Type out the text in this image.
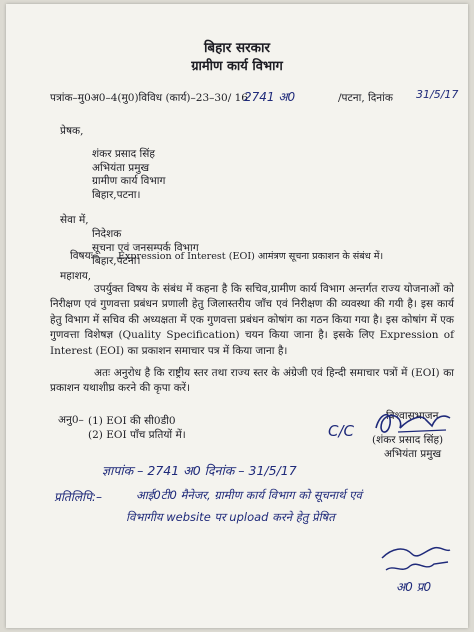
बिहार सरकार
ग्रामीण कार्य विभाग
पत्रांक–मु0अ0–4(मु0)विविध (कार्य)–23–30/ 16
2741 अ0	/पटना, दिनांक 31/5/17
प्रेषक,
शंकर प्रसाद सिंह
अभियंता प्रमुख
ग्रामीण कार्य विभाग
बिहार,पटना।
सेवा में,
निदेशक
सूचना एवं जनसम्पर्क विभाग
बिहार,पटना।
विषयः– Expression of Interest (EOI) आमंत्रण सूचना प्रकाशन के संबंध में।
महाशय,
उपर्युक्त विषय के संबंध में कहना है कि सचिव,ग्रामीण कार्य विभाग अन्तर्गत राज्य योजनाओं को निरीक्षण एवं गुणवत्ता प्रबंधन प्रणाली हेतु जिलास्तरीय जाँच एवं निरीक्षण की व्यवस्था की गयी है। इस कार्य हेतु विभाग में सचिव की अध्यक्षता में एक गुणवत्ता प्रबंधन कोषांग का गठन किया गया है। इस कोषांग में एक गुणवत्ता विशेषज्ञ (Quality Specification) चयन किया जाना है। इसके लिए Expression of Interest (EOI) का प्रकाशन समाचार पत्र में किया जाना है।
अतः अनुरोध है कि राष्ट्रीय स्तर तथा राज्य स्तर के अंग्रेजी एवं हिन्दी समाचार पत्रों में (EOI) का प्रकाशन यथाशीघ्र करने की कृपा करें।
विश्वासभाजन
C/C (शंकर प्रसाद सिंह)
अभियंता प्रमुख
अनु0– (1) EOI की सी0डी0
(2) EOI पाँच प्रतियों में।
ज्ञापांक – 2741 अ0 दिनांक – 31/5/17
प्रतिलिपि:–	आई0टी0 मैनेजर, ग्रामीण कार्य विभाग को सूचनार्थ एवं
विभागीय website पर upload करने हेतु प्रेषित
अ0 प्र0
